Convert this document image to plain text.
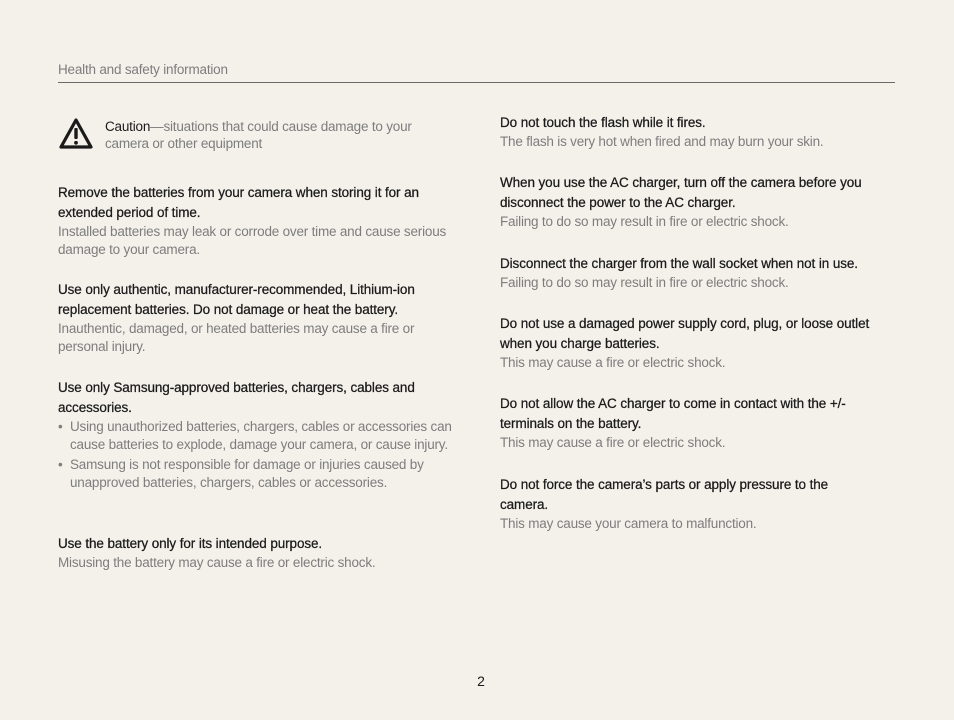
Health and safety information
Caution—situations that could cause damage to your camera or other equipment
Remove the batteries from your camera when storing it for an extended period of time.
Installed batteries may leak or corrode over time and cause serious damage to your camera.
Use only authentic, manufacturer-recommended, Lithium-ion replacement batteries. Do not damage or heat the battery.
Inauthentic, damaged, or heated batteries may cause a fire or personal injury.
Use only Samsung-approved batteries, chargers, cables and accessories.
• Using unauthorized batteries, chargers, cables or accessories can cause batteries to explode, damage your camera, or cause injury.
• Samsung is not responsible for damage or injuries caused by unapproved batteries, chargers, cables or accessories.
Use the battery only for its intended purpose.
Misusing the battery may cause a fire or electric shock.
Do not touch the flash while it fires.
The flash is very hot when fired and may burn your skin.
When you use the AC charger, turn off the camera before you disconnect the power to the AC charger.
Failing to do so may result in fire or electric shock.
Disconnect the charger from the wall socket when not in use.
Failing to do so may result in fire or electric shock.
Do not use a damaged power supply cord, plug, or loose outlet when you charge batteries.
This may cause a fire or electric shock.
Do not allow the AC charger to come in contact with the +/- terminals on the battery.
This may cause a fire or electric shock.
Do not force the camera’s parts or apply pressure to the camera.
This may cause your camera to malfunction.
2
